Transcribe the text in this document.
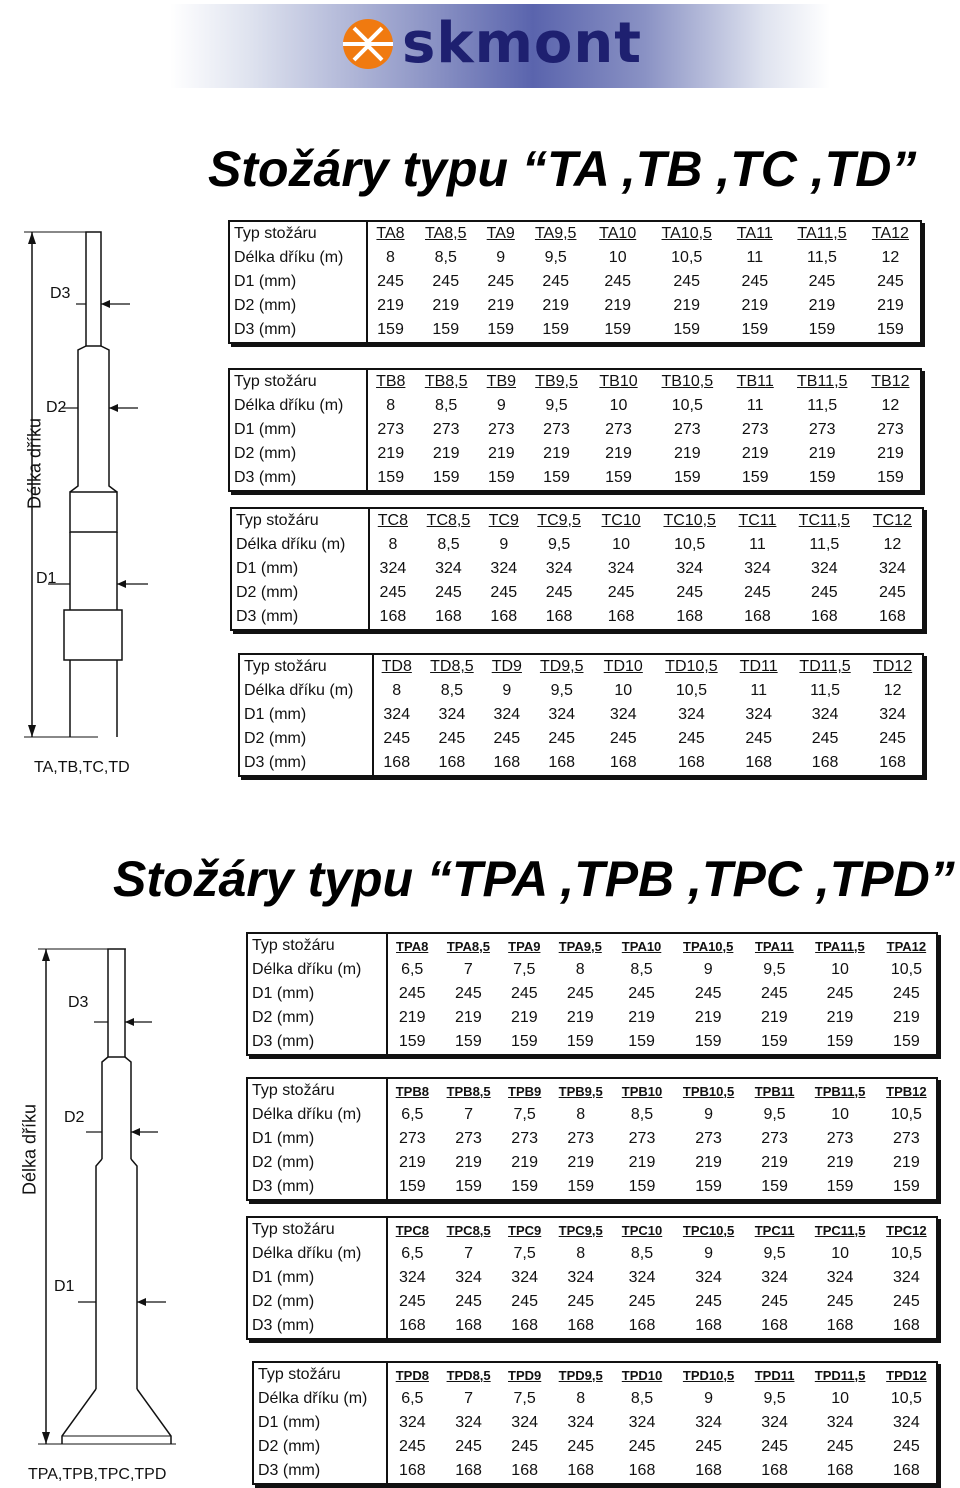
skmont
Stožáry typu “TA ,TB ,TC ,TD”
D3
D2
D1
Délka dříku
TA,TB,TC,TD
Typ stožáru	TA8	TA8,5	TA9	TA9,5	TA10	TA10,5	TA11	TA11,5	TA12
Délka dříku (m)	8	8,5	9	9,5	10	10,5	11	11,5	12
D1 (mm)	245	245	245	245	245	245	245	245	245
D2 (mm)	219	219	219	219	219	219	219	219	219
D3 (mm)	159	159	159	159	159	159	159	159	159
Typ stožáru	TB8	TB8,5	TB9	TB9,5	TB10	TB10,5	TB11	TB11,5	TB12
Délka dříku (m)	8	8,5	9	9,5	10	10,5	11	11,5	12
D1 (mm)	273	273	273	273	273	273	273	273	273
D2 (mm)	219	219	219	219	219	219	219	219	219
D3 (mm)	159	159	159	159	159	159	159	159	159
Typ stožáru	TC8	TC8,5	TC9	TC9,5	TC10	TC10,5	TC11	TC11,5	TC12
Délka dříku (m)	8	8,5	9	9,5	10	10,5	11	11,5	12
D1 (mm)	324	324	324	324	324	324	324	324	324
D2 (mm)	245	245	245	245	245	245	245	245	245
D3 (mm)	168	168	168	168	168	168	168	168	168
Typ stožáru	TD8	TD8,5	TD9	TD9,5	TD10	TD10,5	TD11	TD11,5	TD12
Délka dříku (m)	8	8,5	9	9,5	10	10,5	11	11,5	12
D1 (mm)	324	324	324	324	324	324	324	324	324
D2 (mm)	245	245	245	245	245	245	245	245	245
D3 (mm)	168	168	168	168	168	168	168	168	168
Stožáry typu “TPA ,TPB ,TPC ,TPD”
D3
D2
D1
Délka dříku
TPA,TPB,TPC,TPD
Typ stožáru	TPA8	TPA8,5	TPA9	TPA9,5	TPA10	TPA10,5	TPA11	TPA11,5	TPA12
Délka dříku (m)	6,5	7	7,5	8	8,5	9	9,5	10	10,5
D1 (mm)	245	245	245	245	245	245	245	245	245
D2 (mm)	219	219	219	219	219	219	219	219	219
D3 (mm)	159	159	159	159	159	159	159	159	159
Typ stožáru	TPB8	TPB8,5	TPB9	TPB9,5	TPB10	TPB10,5	TPB11	TPB11,5	TPB12
Délka dříku (m)	6,5	7	7,5	8	8,5	9	9,5	10	10,5
D1 (mm)	273	273	273	273	273	273	273	273	273
D2 (mm)	219	219	219	219	219	219	219	219	219
D3 (mm)	159	159	159	159	159	159	159	159	159
Typ stožáru	TPC8	TPC8,5	TPC9	TPC9,5	TPC10	TPC10,5	TPC11	TPC11,5	TPC12
Délka dříku (m)	6,5	7	7,5	8	8,5	9	9,5	10	10,5
D1 (mm)	324	324	324	324	324	324	324	324	324
D2 (mm)	245	245	245	245	245	245	245	245	245
D3 (mm)	168	168	168	168	168	168	168	168	168
Typ stožáru	TPD8	TPD8,5	TPD9	TPD9,5	TPD10	TPD10,5	TPD11	TPD11,5	TPD12
Délka dříku (m)	6,5	7	7,5	8	8,5	9	9,5	10	10,5
D1 (mm)	324	324	324	324	324	324	324	324	324
D2 (mm)	245	245	245	245	245	245	245	245	245
D3 (mm)	168	168	168	168	168	168	168	168	168
